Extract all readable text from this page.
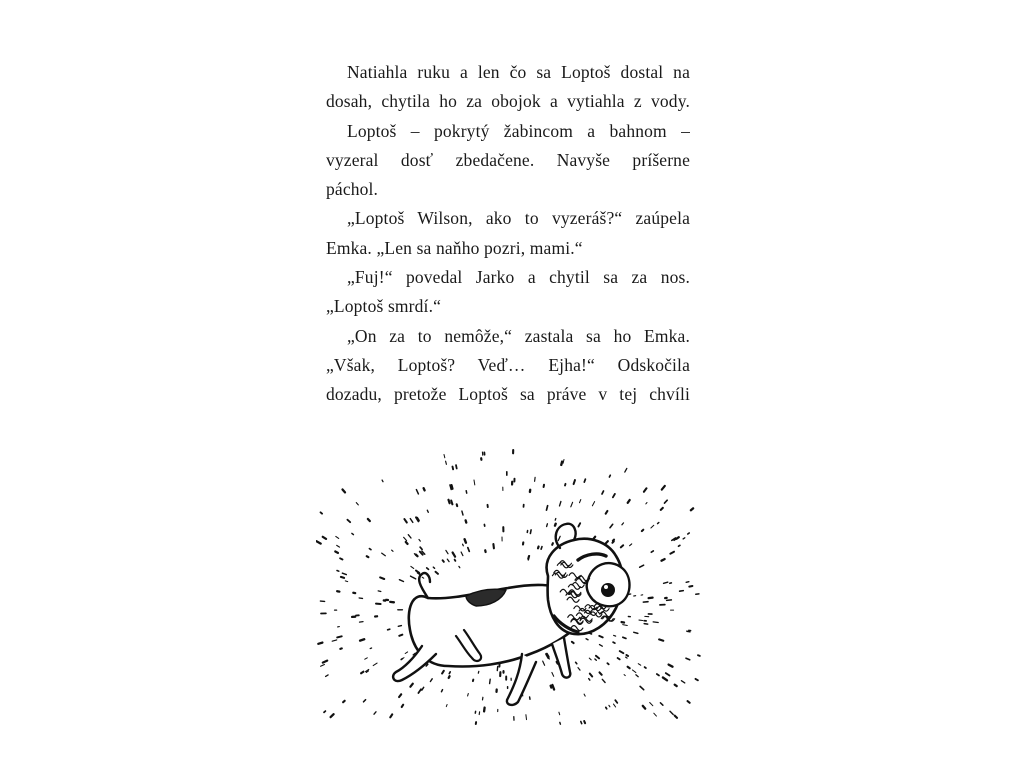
Natiahla ruku a len čo sa Loptoš dostal na
dosah, chytila ho za obojok a vytiahla z vody.
Loptoš – pokrytý žabincom a bahnom –
vyzeral dosť zbedačene. Navyše príšerne
páchol.
„Loptoš Wilson, ako to vyzeráš?“ zaúpela
Emka. „Len sa naňho pozri, mami.“
„Fuj!“ povedal Jarko a chytil sa za nos.
„Loptoš smrdí.“
„On za to nemôže,“ zastala sa ho Emka.
„Však, Loptoš? Veď… Ejha!“ Odskočila
dozadu, pretože Loptoš sa práve v tej chvíli
